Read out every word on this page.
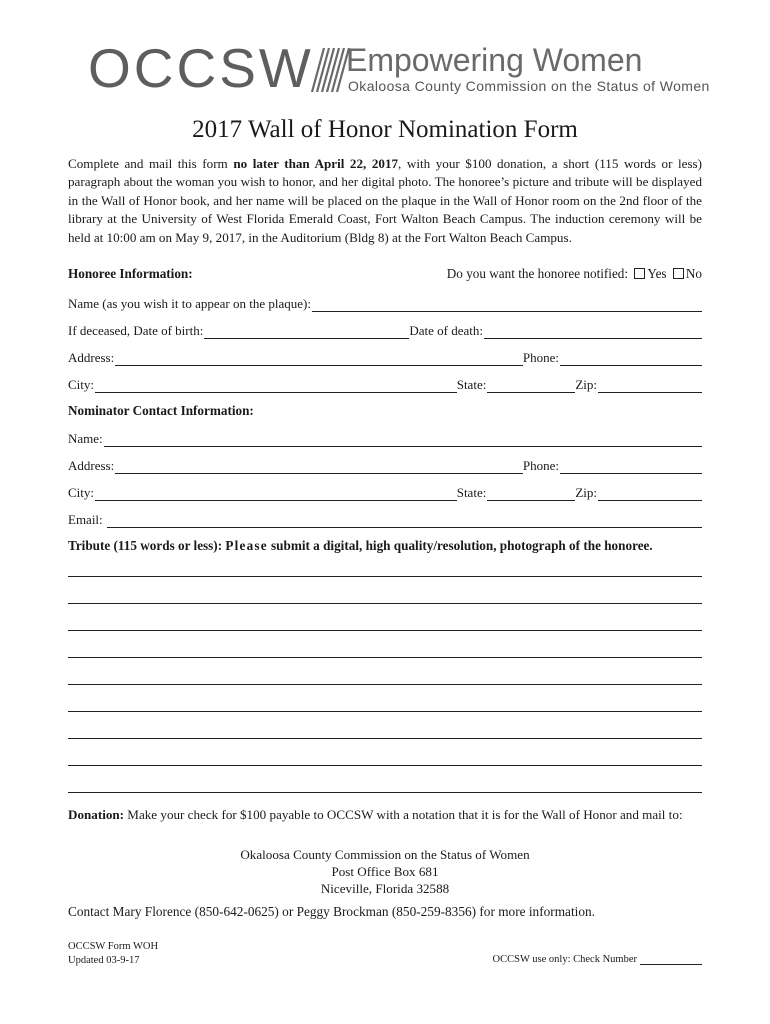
OCCSW Empowering Women
Okaloosa County Commission on the Status of Women
2017 Wall of Honor Nomination Form
Complete and mail this form no later than April 22, 2017, with your $100 donation, a short (115 words or less) paragraph about the woman you wish to honor, and her digital photo. The honoree’s picture and tribute will be displayed in the Wall of Honor book, and her name will be placed on the plaque in the Wall of Honor room on the 2nd floor of the library at the University of West Florida Emerald Coast, Fort Walton Beach Campus. The induction ceremony will be held at 10:00 am on May 9, 2017, in the Auditorium (Bldg 8) at the Fort Walton Beach Campus.
Honoree Information:	Do you want the honoree notified: Yes No
Name (as you wish it to appear on the plaque):
If deceased, Date of birth:	Date of death:
Address:	Phone:
City:	State:	Zip:
Nominator Contact Information:
Name:
Address:	Phone:
City:	State:	Zip:
Email:
Tribute (115 words or less): Please submit a digital, high quality/resolution, photograph of the honoree.
Donation: Make your check for $100 payable to OCCSW with a notation that it is for the Wall of Honor and mail to:
Okaloosa County Commission on the Status of Women
Post Office Box 681
Niceville, Florida 32588
Contact Mary Florence (850-642-0625) or Peggy Brockman (850-259-8356) for more information.
OCCSW Form WOH
Updated 03-9-17	OCCSW use only: Check Number
